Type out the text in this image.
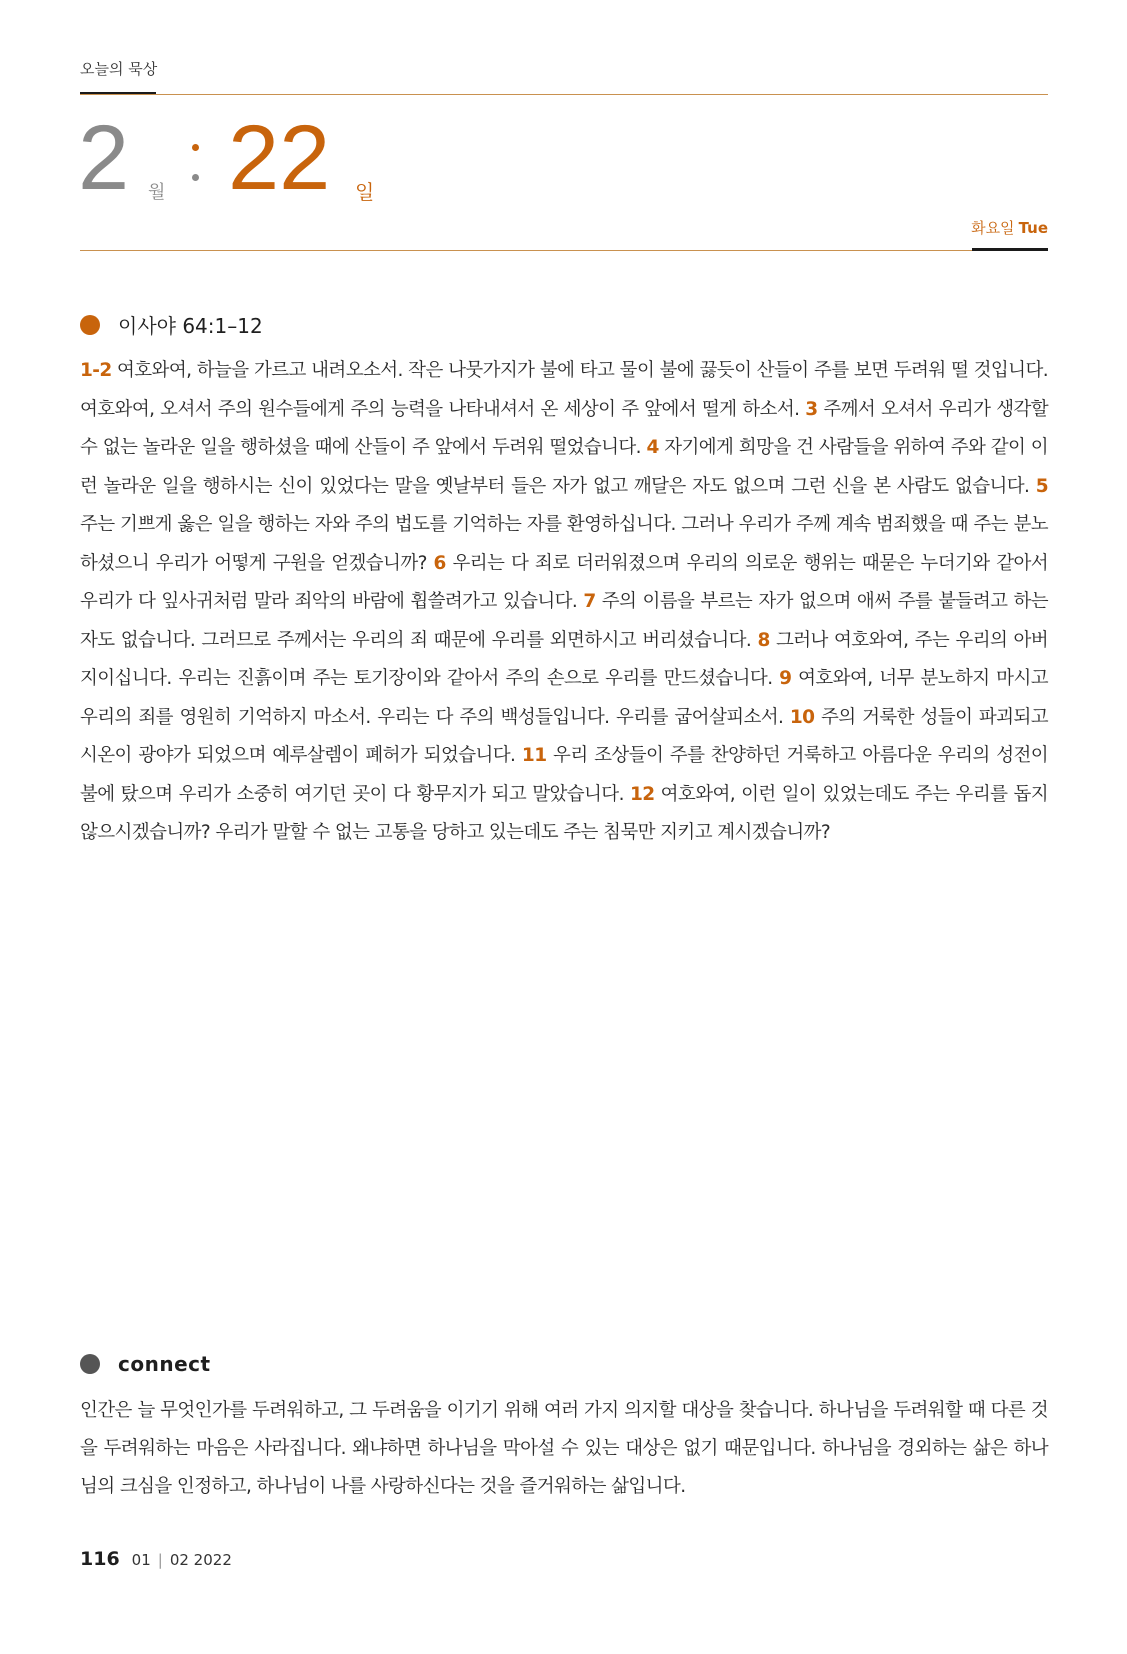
오늘의 묵상
2 월 22 일
화요일 Tue
이사야 64:1–12
1-2 여호와여, 하늘을 가르고 내려오소서. 작은 나뭇가지가 불에 타고 물이 불에 끓듯이 산들이 주를 보면 두려워 떨 것입니다. 여호와여, 오셔서 주의 원수들에게 주의 능력을 나타내셔서 온 세상이 주 앞에서 떨게 하소서. 3 주께서 오셔서 우리가 생각할 수 없는 놀라운 일을 행하셨을 때에 산들이 주 앞에서 두려워 떨었습니다. 4 자기에게 희망을 건 사람들을 위하여 주와 같이 이런 놀라운 일을 행하시는 신이 있었다는 말을 옛날부터 들은 자가 없고 깨달은 자도 없으며 그런 신을 본 사람도 없습니다. 5 주는 기쁘게 옳은 일을 행하는 자와 주의 법도를 기억하는 자를 환영하십니다. 그러나 우리가 주께 계속 범죄했을 때 주는 분노하셨으니 우리가 어떻게 구원을 얻겠습니까? 6 우리는 다 죄로 더러워졌으며 우리의 의로운 행위는 때묻은 누더기와 같아서 우리가 다 잎사귀처럼 말라 죄악의 바람에 휩쓸려가고 있습니다. 7 주의 이름을 부르는 자가 없으며 애써 주를 붙들려고 하는 자도 없습니다. 그러므로 주께서는 우리의 죄 때문에 우리를 외면하시고 버리셨습니다. 8 그러나 여호와여, 주는 우리의 아버지이십니다. 우리는 진흙이며 주는 토기장이와 같아서 주의 손으로 우리를 만드셨습니다. 9 여호와여, 너무 분노하지 마시고 우리의 죄를 영원히 기억하지 마소서. 우리는 다 주의 백성들입니다. 우리를 굽어살피소서. 10 주의 거룩한 성들이 파괴되고 시온이 광야가 되었으며 예루살렘이 폐허가 되었습니다. 11 우리 조상들이 주를 찬양하던 거룩하고 아름다운 우리의 성전이 불에 탔으며 우리가 소중히 여기던 곳이 다 황무지가 되고 말았습니다. 12 여호와여, 이런 일이 있었는데도 주는 우리를 돕지 않으시겠습니까? 우리가 말할 수 없는 고통을 당하고 있는데도 주는 침묵만 지키고 계시겠습니까?
connect
인간은 늘 무엇인가를 두려워하고, 그 두려움을 이기기 위해 여러 가지 의지할 대상을 찾습니다. 하나님을 두려워할 때 다른 것을 두려워하는 마음은 사라집니다. 왜냐하면 하나님을 막아설 수 있는 대상은 없기 때문입니다. 하나님을 경외하는 삶은 하나님의 크심을 인정하고, 하나님이 나를 사랑하신다는 것을 즐거워하는 삶입니다.
116 01 | 02 2022
